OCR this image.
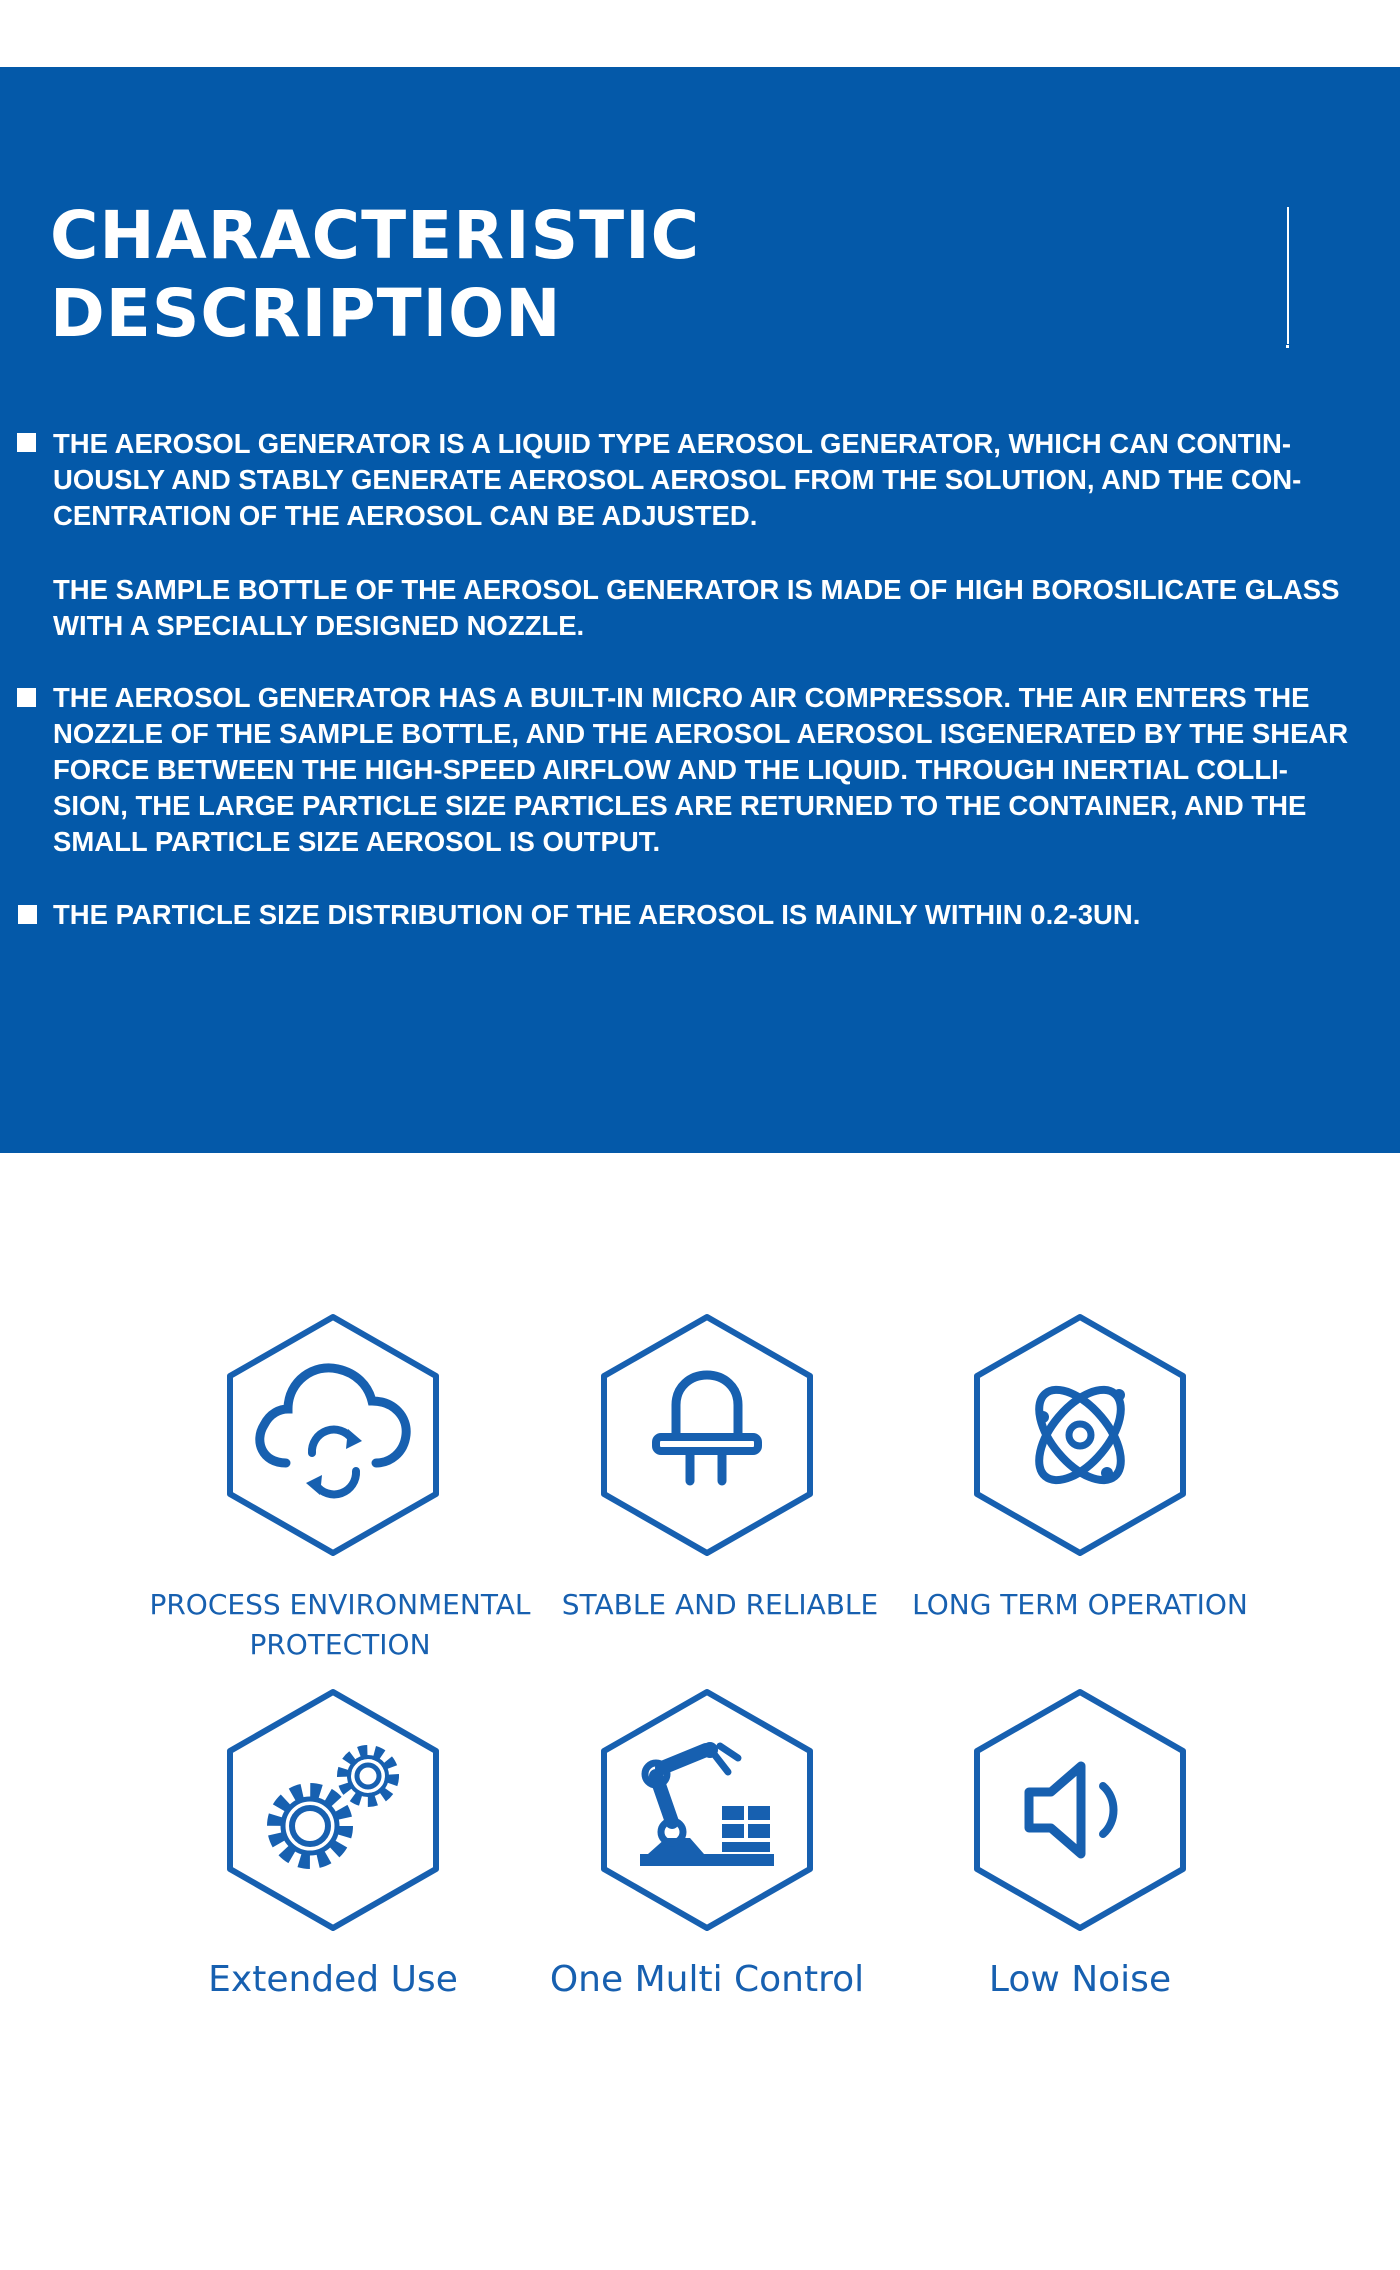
CHARACTERISTIC
DESCRIPTION

THE AEROSOL GENERATOR IS A LIQUID TYPE AEROSOL GENERATOR, WHICH CAN CONTIN-
UOUSLY AND STABLY GENERATE AEROSOL AEROSOL FROM THE SOLUTION, AND THE CON-
CENTRATION OF THE AEROSOL CAN BE ADJUSTED.

THE SAMPLE BOTTLE OF THE AEROSOL GENERATOR IS MADE OF HIGH BOROSILICATE GLASS
WITH A SPECIALLY DESIGNED NOZZLE.

THE AEROSOL GENERATOR HAS A BUILT-IN MICRO AIR COMPRESSOR. THE AIR ENTERS THE
NOZZLE OF THE SAMPLE BOTTLE, AND THE AEROSOL AEROSOL ISGENERATED BY THE SHEAR
FORCE BETWEEN THE HIGH-SPEED AIRFLOW AND THE LIQUID. THROUGH INERTIAL COLLI-
SION, THE LARGE PARTICLE SIZE PARTICLES ARE RETURNED TO THE CONTAINER, AND THE
SMALL PARTICLE SIZE AEROSOL IS OUTPUT.

THE PARTICLE SIZE DISTRIBUTION OF THE AEROSOL IS MAINLY WITHIN 0.2-3UN.

PROCESS ENVIRONMENTAL
PROTECTION
STABLE AND RELIABLE LONG TERM OPERATION
Extended Use	One Multi Control	Low Noise
